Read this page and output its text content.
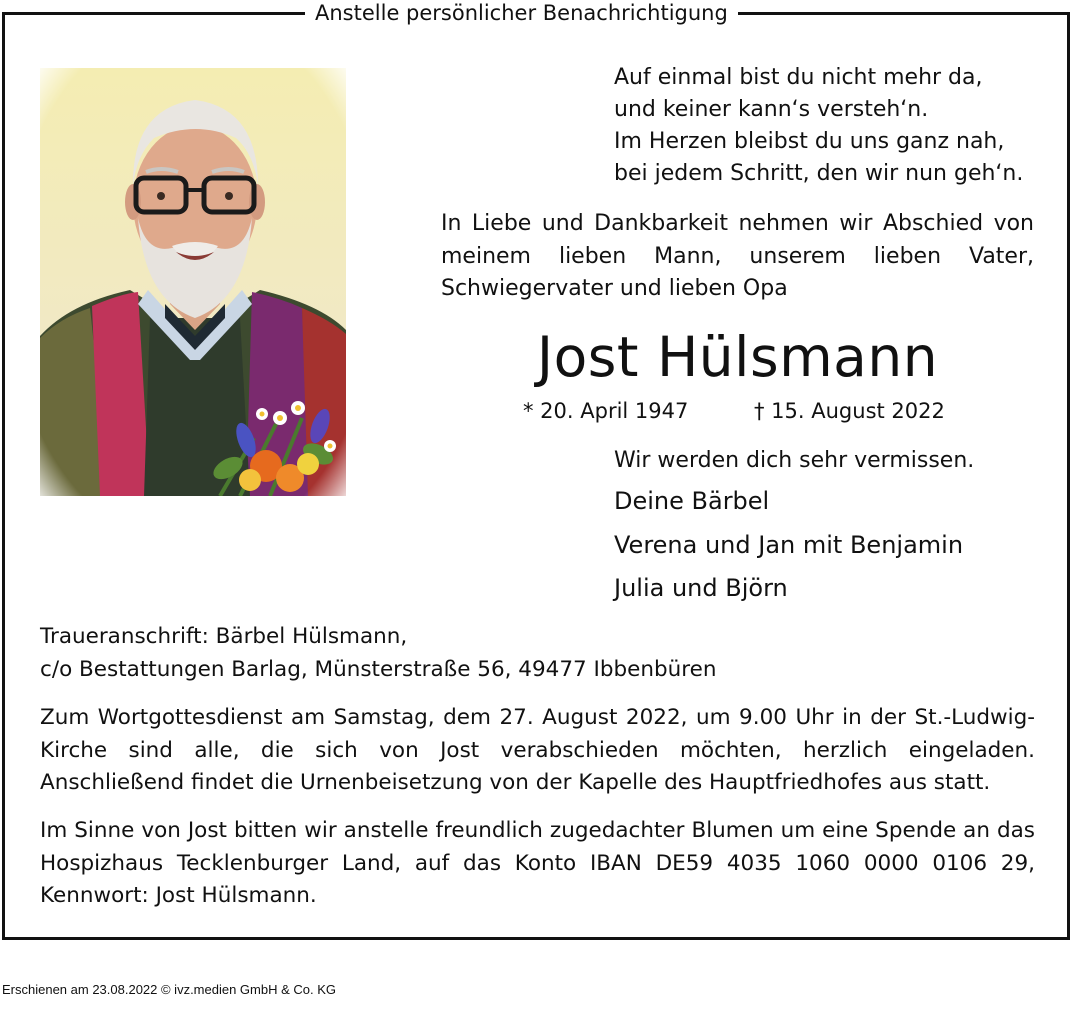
Anstelle persönlicher Benachrichtigung
Auf einmal bist du nicht mehr da,
und keiner kann‘s versteh‘n.
Im Herzen bleibst du uns ganz nah,
bei jedem Schritt, den wir nun geh‘n.
In Liebe und Dankbarkeit nehmen wir Abschied von meinem lieben Mann, unserem lieben Vater, Schwiegervater und lieben Opa
Jost Hülsmann
* 20. April 1947	† 15. August 2022
Wir werden dich sehr vermissen.
Deine Bärbel
Verena und Jan mit Benjamin
Julia und Björn
Traueranschrift: Bärbel Hülsmann,
c/o Bestattungen Barlag, Münsterstraße 56, 49477 Ibbenbüren
Zum Wortgottesdienst am Samstag, dem 27. August 2022, um 9.00 Uhr in der St.-Ludwig-Kirche sind alle, die sich von Jost verabschieden möchten, herzlich eingeladen. Anschließend findet die Urnenbeisetzung von der Kapelle des Hauptfriedhofes aus statt.
Im Sinne von Jost bitten wir anstelle freundlich zugedachter Blumen um eine Spende an das Hospizhaus Tecklenburger Land, auf das Konto IBAN DE59 4035 1060 0000 0106 29, Kennwort: Jost Hülsmann.
Erschienen am 23.08.2022 © ivz.medien GmbH & Co. KG
